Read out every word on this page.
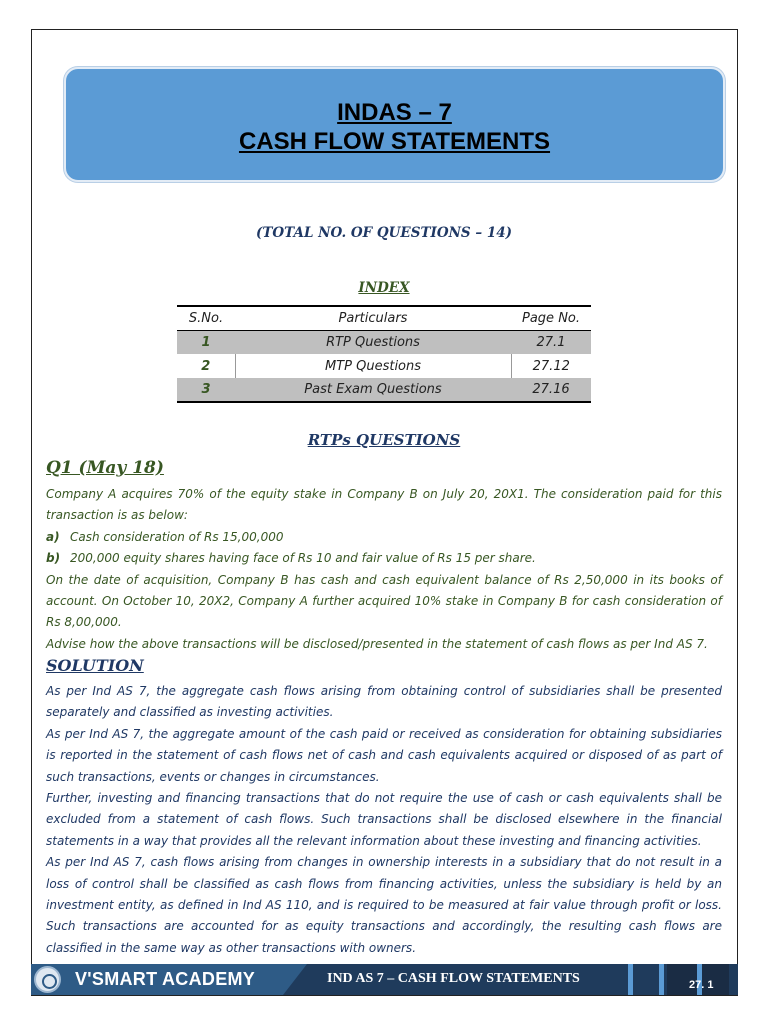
INDAS – 7
CASH FLOW STATEMENTS
(TOTAL NO. OF QUESTIONS – 14)
INDEX
S.No.	Particulars	Page No.
1	RTP Questions	27.1
2	MTP Questions	27.12
3	Past Exam Questions	27.16
RTPs QUESTIONS
Q1 (May 18)

Company A acquires 70% of the equity stake in Company B on July 20, 20X1. The consideration paid for this transaction is as below:

a) Cash consideration of Rs 15,00,000

b) 200,000 equity shares having face of Rs 10 and fair value of Rs 15 per share.

On the date of acquisition, Company B has cash and cash equivalent balance of Rs 2,50,000 in its books of account. On October 10, 20X2, Company A further acquired 10% stake in Company B for cash consideration of Rs 8,00,000.

Advise how the above transactions will be disclosed/presented in the statement of cash flows as per Ind AS 7.

SOLUTION

As per Ind AS 7, the aggregate cash flows arising from obtaining control of subsidiaries shall be presented separately and classified as investing activities.

As per Ind AS 7, the aggregate amount of the cash paid or received as consideration for obtaining subsidiaries is reported in the statement of cash flows net of cash and cash equivalents acquired or disposed of as part of such transactions, events or changes in circumstances.

Further, investing and financing transactions that do not require the use of cash or cash equivalents shall be excluded from a statement of cash flows. Such transactions shall be disclosed elsewhere in the financial statements in a way that provides all the relevant information about these investing and financing activities.

As per Ind AS 7, cash flows arising from changes in ownership interests in a subsidiary that do not result in a loss of control shall be classified as cash flows from financing activities, unless the subsidiary is held by an investment entity, as defined in Ind AS 110, and is required to be measured at fair value through profit or loss. Such transactions are accounted for as equity transactions and accordingly, the resulting cash flows are classified in the same way as other transactions with owners.

V'SMART ACADEMY	IND AS 7 – CASH FLOW STATEMENTS	27. 1
